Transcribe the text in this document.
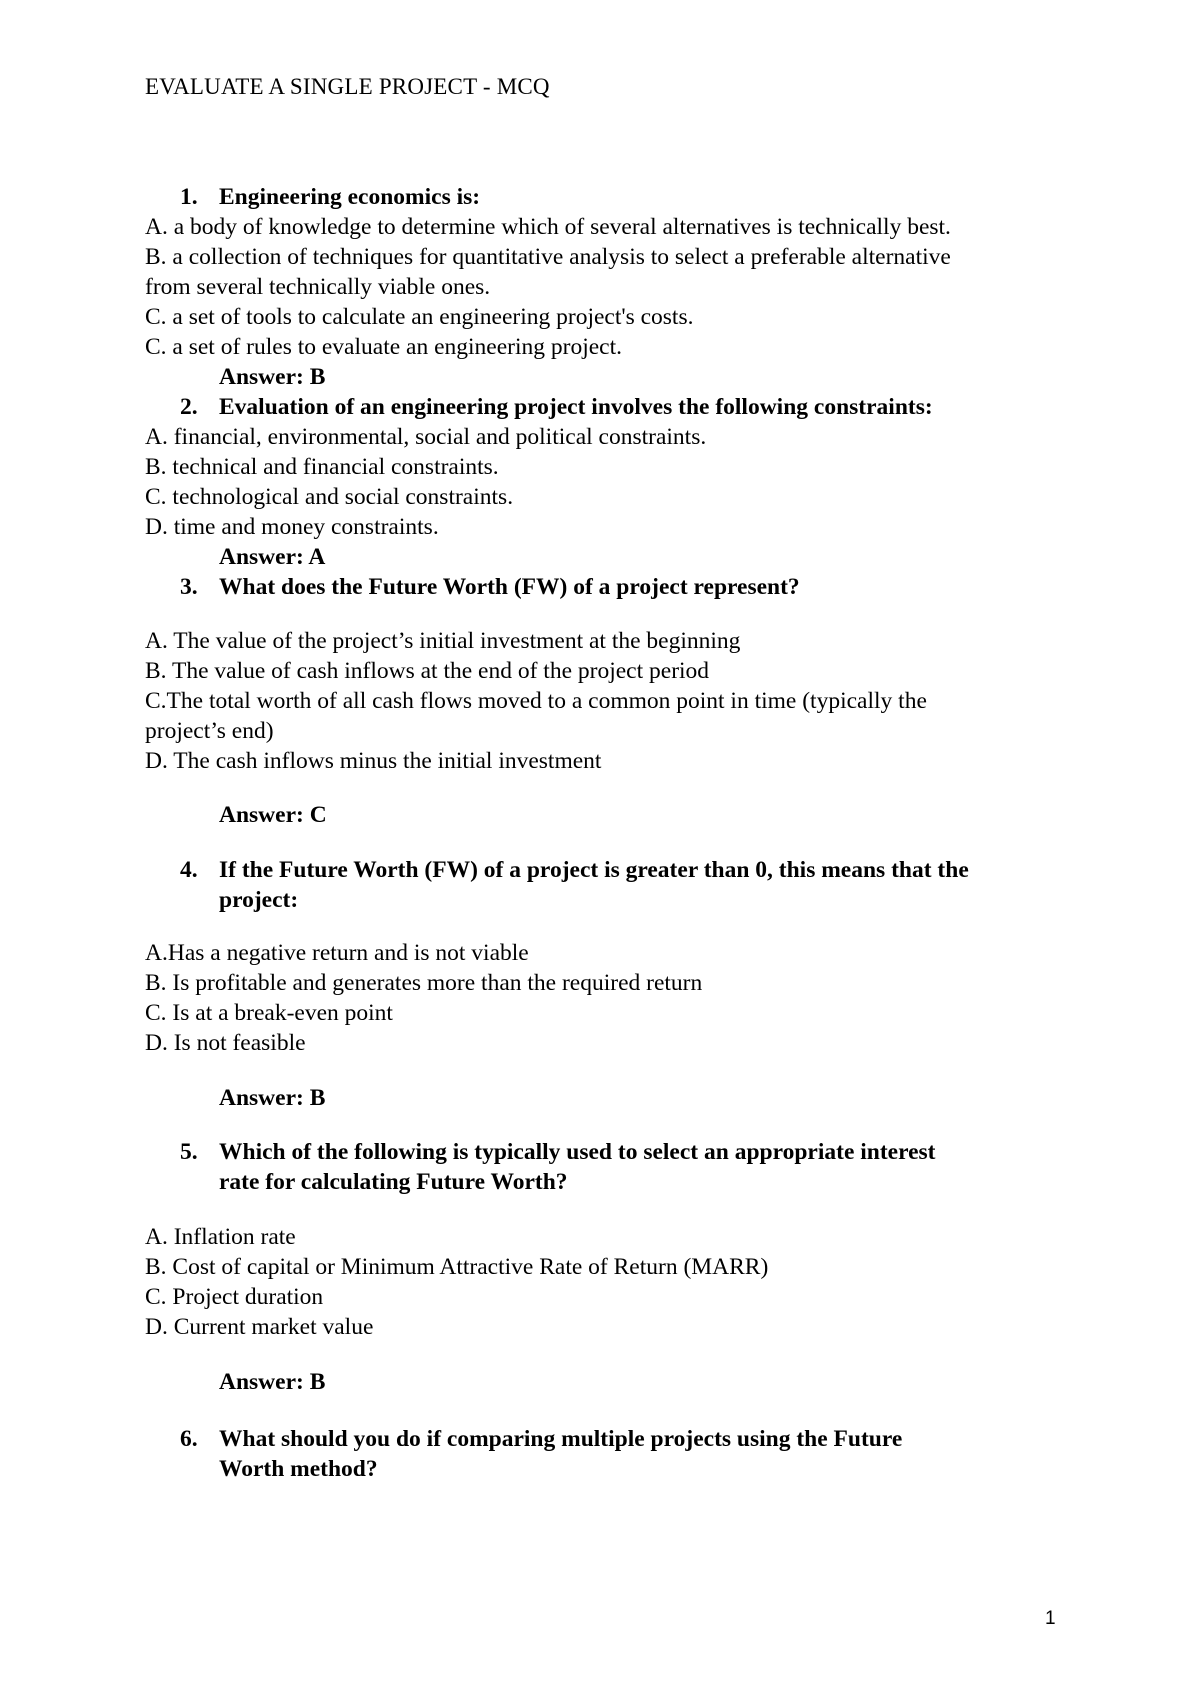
EVALUATE A SINGLE PROJECT - MCQ
1. Engineering economics is:
A. a body of knowledge to determine which of several alternatives is technically best.
B. a collection of techniques for quantitative analysis to select a preferable alternative
from several technically viable ones.
C. a set of tools to calculate an engineering project's costs.
C. a set of rules to evaluate an engineering project.
Answer: B
2. Evaluation of an engineering project involves the following constraints:
A. financial, environmental, social and political constraints.
B. technical and financial constraints.
C. technological and social constraints.
D. time and money constraints.
Answer: A
3. What does the Future Worth (FW) of a project represent?
A. The value of the project’s initial investment at the beginning
B. The value of cash inflows at the end of the project period
C.The total worth of all cash flows moved to a common point in time (typically the
project’s end)
D. The cash inflows minus the initial investment
Answer: C
4. If the Future Worth (FW) of a project is greater than 0, this means that the
project:
A.Has a negative return and is not viable
B. Is profitable and generates more than the required return
C. Is at a break-even point
D. Is not feasible
Answer: B
5. Which of the following is typically used to select an appropriate interest
rate for calculating Future Worth?
A. Inflation rate
B. Cost of capital or Minimum Attractive Rate of Return (MARR)
C. Project duration
D. Current market value
Answer: B
6. What should you do if comparing multiple projects using the Future
Worth method?
1
